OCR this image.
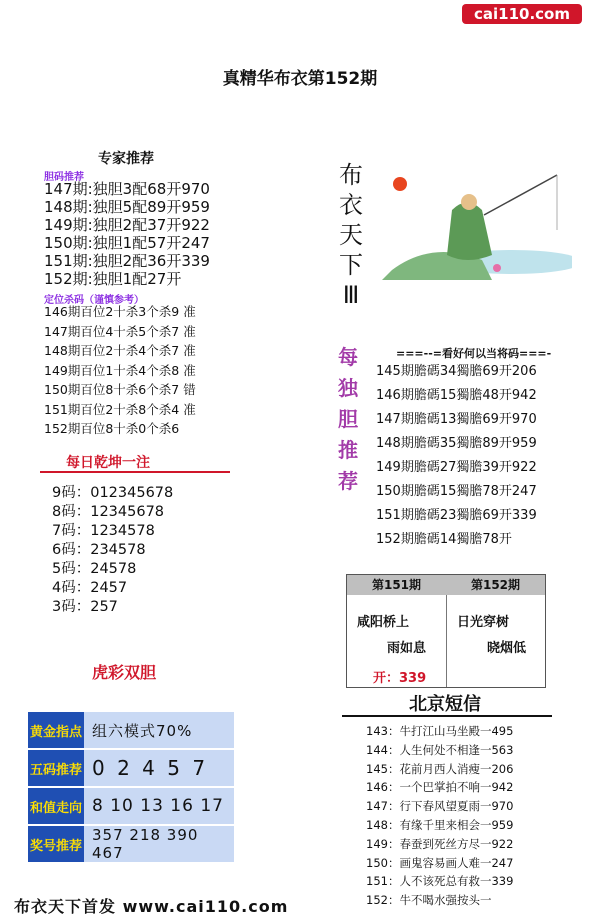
cai110.com
真精华布衣第152期
专家推荐
胆码推荐
147期:独胆3配68开970
148期:独胆5配89开959
149期:独胆2配37开922
150期:独胆1配57开247
151期:独胆2配36开339
152期:独胆1配27开
定位杀码（谨慎参考）
146期百位2十杀3个杀9 准
147期百位4十杀5个杀7 准
148期百位2十杀4个杀7 准
149期百位1十杀4个杀8 准
150期百位8十杀6个杀7 错
151期百位2十杀8个杀4 准
152期百位8十杀0个杀6
每日乾坤一注
9码：012345678
8码：12345678
7码：1234578
6码：234578
5码：24578
4码：2457
3码：257
虎彩双胆
黄金指点 组六模式70%
五码推荐 0 2 4 5 7
和值走向 8 10 13 16 17
奖号推荐
357 218 390 467
布
衣
天
下
Ⅲ
每
独
胆
推
荐
===--=看好何以当将码===-
145期膽碼34獨膽69开206
146期膽碼15獨膽48开942
147期膽碼13獨膽69开970
148期膽碼35獨膽89开959
149期膽碼27獨膽39开922
150期膽碼15獨膽78开247
151期膽碼23獨膽69开339
152期膽碼14獨膽78开
第151期	第152期
咸阳桥上
雨如息
日光穿树
晓烟低
开：339
北京短信
143：牛打江山马坐殿一495
144：人生何处不相逢一563
145：花前月西人消瘦一206
146：一个巴掌拍不响一942
147：行下春风望夏雨一970
148：有缘千里来相会一959
149：春蚕到死丝方尽一922
150：画鬼容易画人难一247
151：人不该死总有救一339
152：牛不喝水强按头一
布衣天下首发 www.cai110.com
